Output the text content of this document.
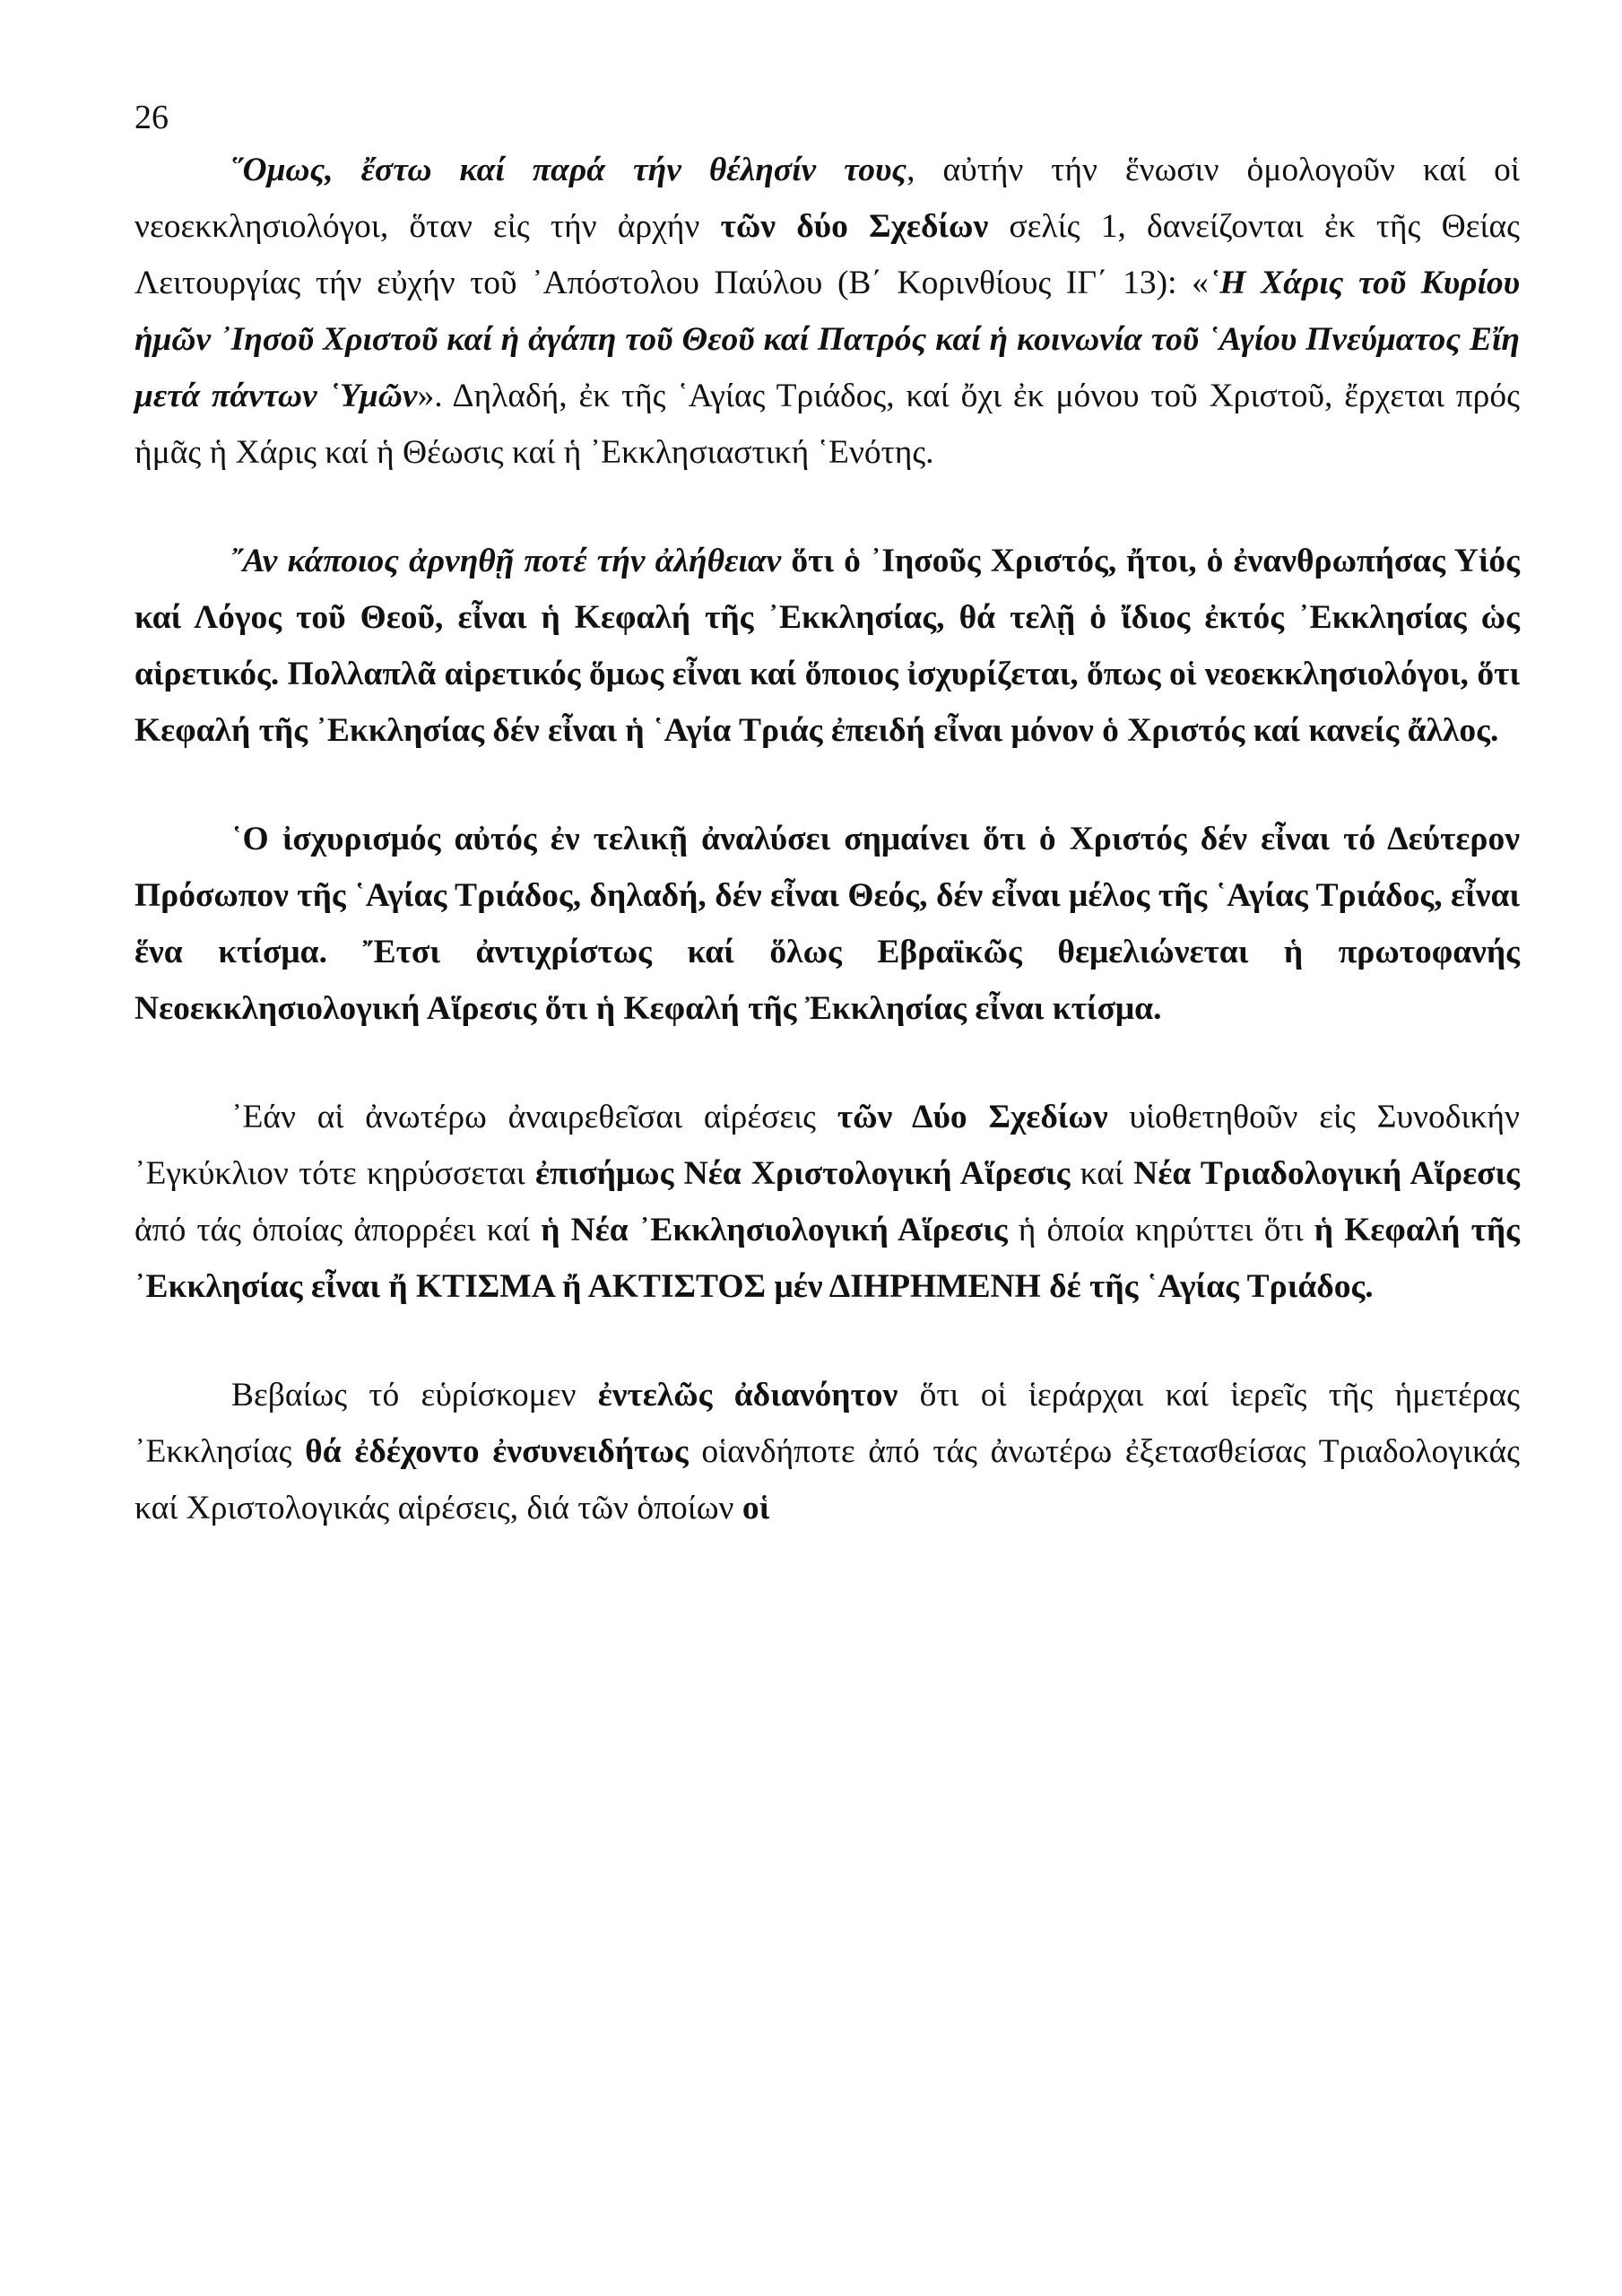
26

῞Ομως, ἔστω καί παρά τήν θέλησίν τους, αὐτήν τήν ἕνωσιν ὁμολογοῦν καί οἱ νεοεκκλησιολόγοι, ὅταν εἰς τήν ἀρχήν τῶν δύο Σχεδίων σελίς 1, δανείζονται ἐκ τῆς Θείας Λειτουργίας τήν εὐχήν τοῦ ᾿Απόστολου Παύλου (Β΄ Κορινθίους ΙΓ΄ 13): «῾Η Χάρις τοῦ Κυρίου ἡμῶν ᾿Ιησοῦ Χριστοῦ καί ἡ ἀγάπη τοῦ Θεοῦ καί Πατρός καί ἡ κοινωνία τοῦ ῾Αγίου Πνεύματος Εἴη μετά πάντων ῾Υμῶν». Δηλαδή, ἐκ τῆς ῾Αγίας Τριάδος, καί ὄχι ἐκ μόνου τοῦ Χριστοῦ, ἔρχεται πρός ἡμᾶς ἡ Χάρις καί ἡ Θέωσις καί ἡ ᾿Εκκλησιαστική ῾Ενότης.

῎Αν κάποιος ἀρνηθῇ ποτέ τήν ἀλήθειαν ὅτι ὁ ᾿Ιησοῦς Χριστός, ἤτοι, ὁ ἐνανθρωπήσας Υἱός καί Λόγος τοῦ Θεοῦ, εἶναι ἡ Κεφαλή τῆς ᾿Εκκλησίας, θά τελῇ ὁ ἴδιος ἐκτός ᾿Εκκλησίας ὡς αἱρετικός. Πολλαπλᾶ αἱρετικός ὅμως εἶναι καί ὅποιος ἰσχυρίζεται, ὅπως οἱ νεοεκκλησιολόγοι, ὅτι Κεφαλή τῆς ᾿Εκκλησίας δέν εἶναι ἡ ῾Αγία Τριάς ἐπειδή εἶναι μόνον ὁ Χριστός καί κανείς ἄλλος.

῾Ο ἰσχυρισμός αὐτός ἐν τελικῇ ἀναλύσει σημαίνει ὅτι ὁ Χριστός δέν εἶναι τό Δεύτερον Πρόσωπον τῆς ῾Αγίας Τριάδος, δηλαδή, δέν εἶναι Θεός, δέν εἶναι μέλος τῆς ῾Αγίας Τριάδος, εἶναι ἕνα κτίσμα. Ἔτσι ἀντιχρίστως καί ὅλως Εβραϊκῶς θεμελιώνεται ἡ πρωτοφανής Νεοεκκλησιολογική Αἵρεσις ὅτι ἡ Κεφαλή τῆς Ἐκκλησίας εἶναι κτίσμα.

᾿Εάν αἱ ἀνωτέρω ἀναιρεθεῖσαι αἱρέσεις τῶν Δύο Σχεδίων υἱοθετηθοῦν εἰς Συνοδικήν ᾿Εγκύκλιον τότε κηρύσσεται ἐπισήμως Νέα Χριστολογική Αἵρεσις καί Νέα Τριαδολογική Αἵρεσις ἀπό τάς ὁποίας ἀπορρέει καί ἡ Νέα ᾿Εκκλησιολογική Αἵρεσις ἡ ὁποία κηρύττει ὅτι ἡ Κεφαλή τῆς ᾿Εκκλησίας εἶναι ἤ ΚΤΙΣΜΑ ἤ ΑΚΤΙΣΤΟΣ μέν ΔΙΗΡΗΜΕΝΗ δέ τῆς ῾Αγίας Τριάδος.

Βεβαίως τό εὑρίσκομεν ἐντελῶς ἀδιανόητον ὅτι οἱ ἱεράρχαι καί ἱερεῖς τῆς ἡμετέρας ᾿Εκκλησίας θά ἐδέχοντο ἐνσυνειδήτως οἱανδήποτε ἀπό τάς ἀνωτέρω ἐξετασθείσας Τριαδολογικάς καί Χριστολογικάς αἱρέσεις, διά τῶν ὁποίων οἱ
